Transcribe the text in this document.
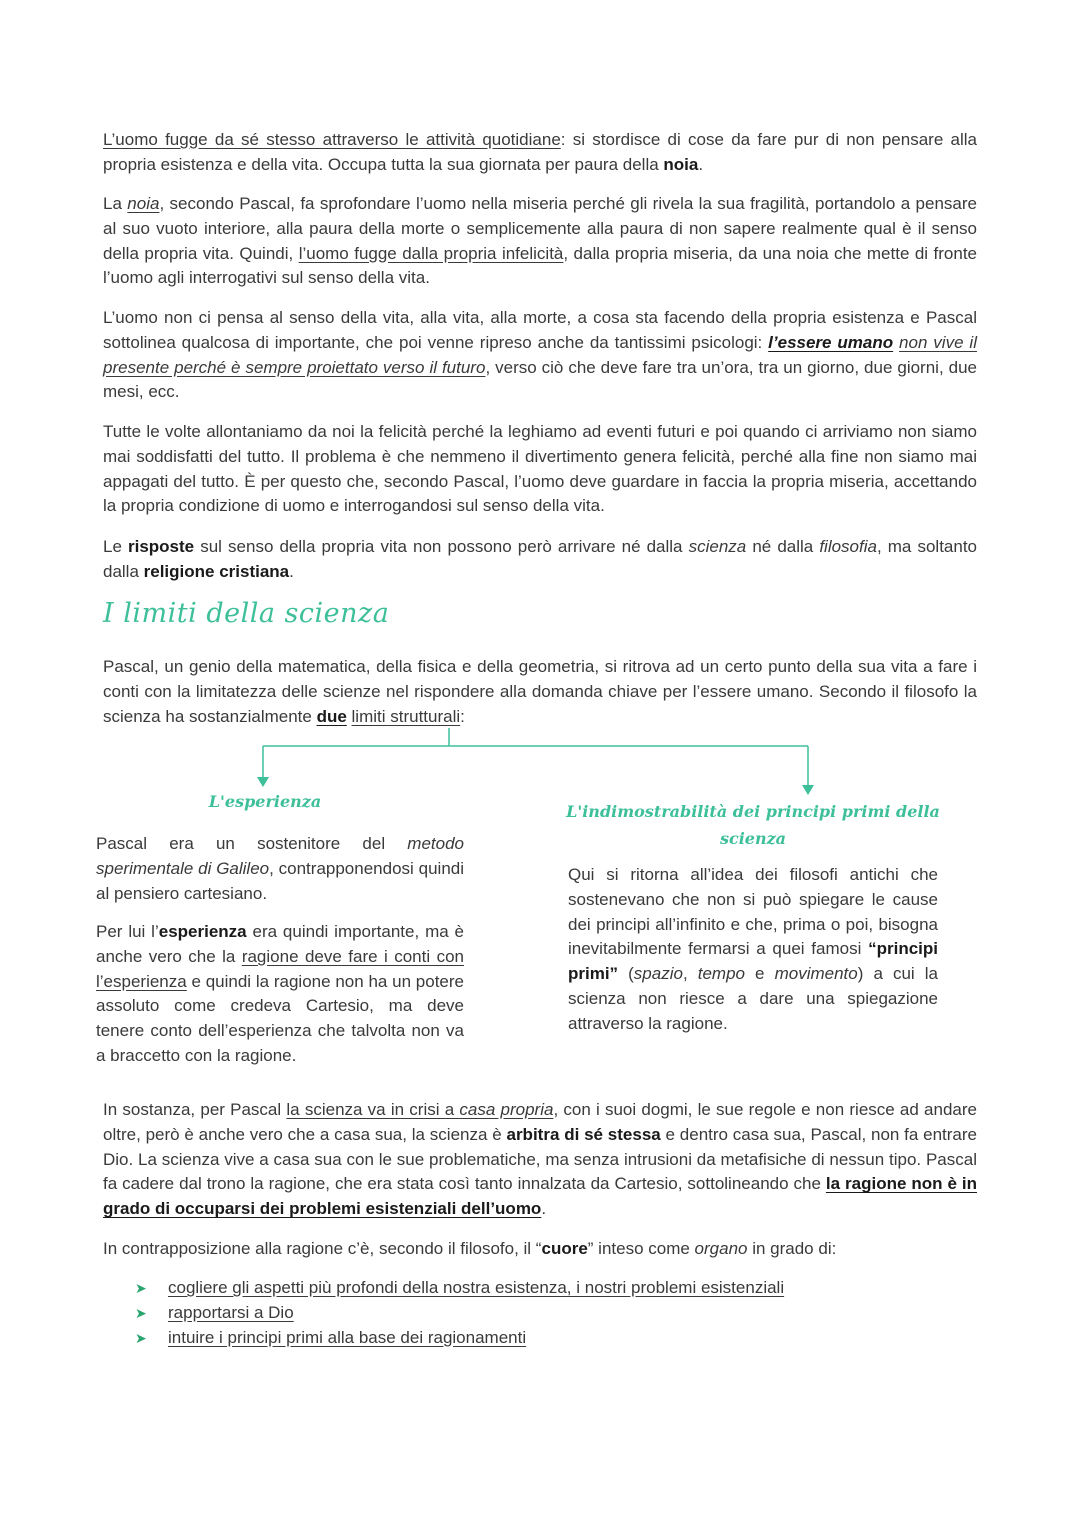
L’uomo fugge da sé stesso attraverso le attività quotidiane: si stordisce di cose da fare pur di non pensare alla propria esistenza e della vita. Occupa tutta la sua giornata per paura della noia.

La noia, secondo Pascal, fa sprofondare l’uomo nella miseria perché gli rivela la sua fragilità, portandolo a pensare al suo vuoto interiore, alla paura della morte o semplicemente alla paura di non sapere realmente qual è il senso della propria vita. Quindi, l’uomo fugge dalla propria infelicità, dalla propria miseria, da una noia che mette di fronte l’uomo agli interrogativi sul senso della vita.

L’uomo non ci pensa al senso della vita, alla vita, alla morte, a cosa sta facendo della propria esistenza e Pascal sottolinea qualcosa di importante, che poi venne ripreso anche da tantissimi psicologi: l’essere umano non vive il presente perché è sempre proiettato verso il futuro, verso ciò che deve fare tra un’ora, tra un giorno, due giorni, due mesi, ecc.

Tutte le volte allontaniamo da noi la felicità perché la leghiamo ad eventi futuri e poi quando ci arriviamo non siamo mai soddisfatti del tutto. Il problema è che nemmeno il divertimento genera felicità, perché alla fine non siamo mai appagati del tutto. È per questo che, secondo Pascal, l’uomo deve guardare in faccia la propria miseria, accettando la propria condizione di uomo e interrogandosi sul senso della vita.

Le risposte sul senso della propria vita non possono però arrivare né dalla scienza né dalla filosofia, ma soltanto dalla religione cristiana.

I limiti della scienza

Pascal, un genio della matematica, della fisica e della geometria, si ritrova ad un certo punto della sua vita a fare i conti con la limitatezza delle scienze nel rispondere alla domanda chiave per l’essere umano. Secondo il filosofo la scienza ha sostanzialmente due limiti strutturali:

L'esperienza

Pascal era un sostenitore del metodo sperimentale di Galileo, contrapponendosi quindi al pensiero cartesiano.

Per lui l’esperienza era quindi importante, ma è anche vero che la ragione deve fare i conti con l’esperienza e quindi la ragione non ha un potere assoluto come credeva Cartesio, ma deve tenere conto dell’esperienza che talvolta non va a braccetto con la ragione.

L'indimostrabilità dei principi primi della scienza

Qui si ritorna all’idea dei filosofi antichi che sostenevano che non si può spiegare le cause dei principi all’infinito e che, prima o poi, bisogna inevitabilmente fermarsi a quei famosi “principi primi” (spazio, tempo e movimento) a cui la scienza non riesce a dare una spiegazione attraverso la ragione.

In sostanza, per Pascal la scienza va in crisi a casa propria, con i suoi dogmi, le sue regole e non riesce ad andare oltre, però è anche vero che a casa sua, la scienza è arbitra di sé stessa e dentro casa sua, Pascal, non fa entrare Dio. La scienza vive a casa sua con le sue problematiche, ma senza intrusioni da metafisiche di nessun tipo. Pascal fa cadere dal trono la ragione, che era stata così tanto innalzata da Cartesio, sottolineando che la ragione non è in grado di occuparsi dei problemi esistenziali dell’uomo.

In contrapposizione alla ragione c’è, secondo il filosofo, il “cuore” inteso come organo in grado di:

➤	cogliere gli aspetti più profondi della nostra esistenza, i nostri problemi esistenziali
➤	rapportarsi a Dio
➤	intuire i principi primi alla base dei ragionamenti
